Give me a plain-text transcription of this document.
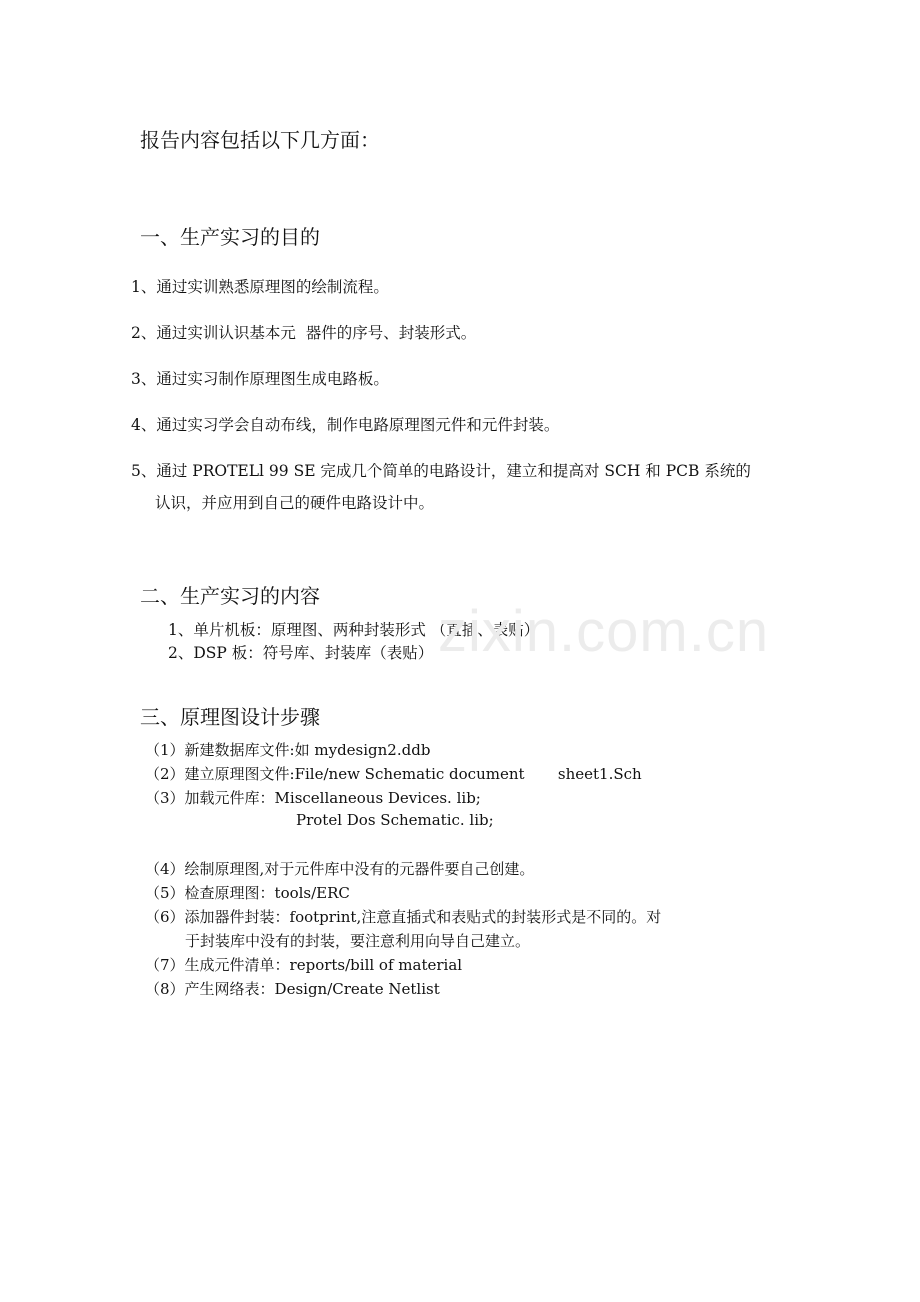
报告内容包括以下几方面：
一、生产实习的目的
1、通过实训熟悉原理图的绘制流程。
2、通过实训认识基本元  器件的序号、封装形式。
3、通过实习制作原理图生成电路板。
4、通过实习学会自动布线，制作电路原理图元件和元件封装。
5、通过 PROTELl 99 SE 完成几个简单的电路设计，建立和提高对 SCH 和 PCB 系统的
认识，并应用到自己的硬件电路设计中。
二、生产实习的内容
1、单片机板：原理图、两种封装形式 （直插、表贴）
2、DSP 板：符号库、封装库（表贴）
三、原理图设计步骤
（1）新建数据库文件:如 mydesign2.ddb
（2）建立原理图文件:File/new Schematic document       sheet1.Sch
（3）加载元件库：Miscellaneous Devices. lib;
Protel Dos Schematic. lib;
（4）绘制原理图,对于元件库中没有的元器件要自己创建。
（5）检查原理图：tools/ERC
（6）添加器件封装：footprint,注意直插式和表贴式的封装形式是不同的。对
于封装库中没有的封装，要注意利用向导自己建立。
（7）生成元件清单：reports/bill of material
（8）产生网络表：Design/Create Netlist
zixin.com.cn
